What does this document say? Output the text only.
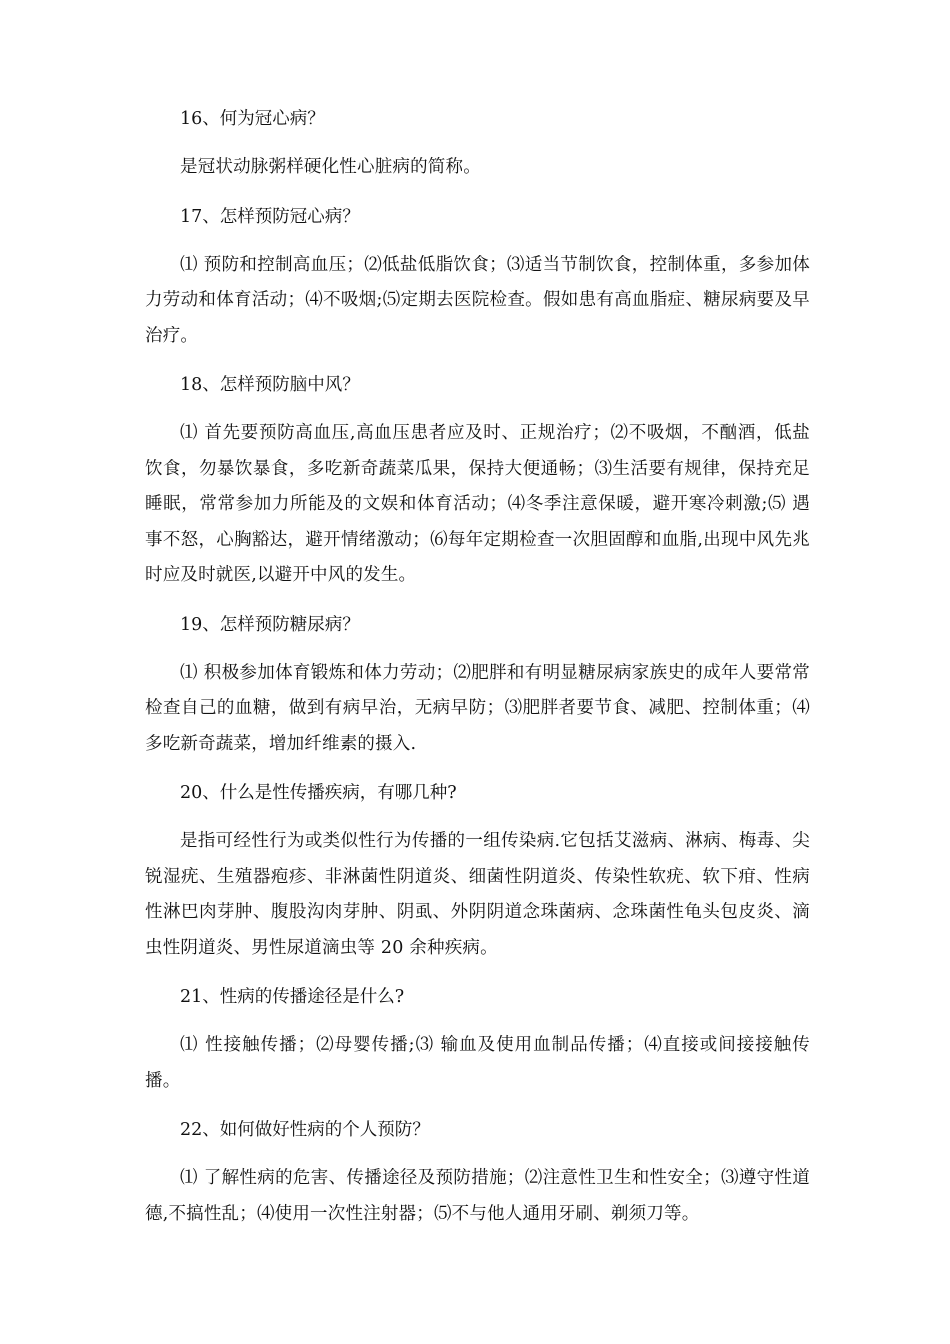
16、何为冠心病？

是冠状动脉粥样硬化性心脏病的简称。

17、怎样预防冠心病？

⑴ 预防和控制高血压；⑵低盐低脂饮食；⑶适当节制饮食，控制体重，多参加体力劳动和体育活动；⑷不吸烟;⑸定期去医院检查。假如患有高血脂症、糖尿病要及早治疗。

18、怎样预防脑中风？

⑴ 首先要预防高血压,高血压患者应及时、正规治疗；⑵不吸烟，不酗酒，低盐饮食，勿暴饮暴食，多吃新奇蔬菜瓜果，保持大便通畅；⑶生活要有规律，保持充足睡眠，常常参加力所能及的文娱和体育活动；⑷冬季注意保暖，避开寒冷刺激;⑸ 遇事不怒，心胸豁达，避开情绪激动；⑹每年定期检查一次胆固醇和血脂,出现中风先兆时应及时就医,以避开中风的发生。

19、怎样预防糖尿病？

⑴ 积极参加体育锻炼和体力劳动；⑵肥胖和有明显糖尿病家族史的成年人要常常检查自己的血糖，做到有病早治，无病早防；⑶肥胖者要节食、减肥、控制体重；⑷多吃新奇蔬菜，增加纤维素的摄入.

20、什么是性传播疾病，有哪几种?

是指可经性行为或类似性行为传播的一组传染病.它包括艾滋病、淋病、梅毒、尖锐湿疣、生殖器疱疹、非淋菌性阴道炎、细菌性阴道炎、传染性软疣、软下疳、性病性淋巴肉芽肿、腹股沟肉芽肿、阴虱、外阴阴道念珠菌病、念珠菌性龟头包皮炎、滴虫性阴道炎、男性尿道滴虫等 20 余种疾病。

21、性病的传播途径是什么?

⑴ 性接触传播；⑵母婴传播;⑶ 输血及使用血制品传播；⑷直接或间接接触传播。

22、如何做好性病的个人预防？

⑴ 了解性病的危害、传播途径及预防措施；⑵注意性卫生和性安全；⑶遵守性道德,不搞性乱；⑷使用一次性注射器；⑸不与他人通用牙刷、剃须刀等。
